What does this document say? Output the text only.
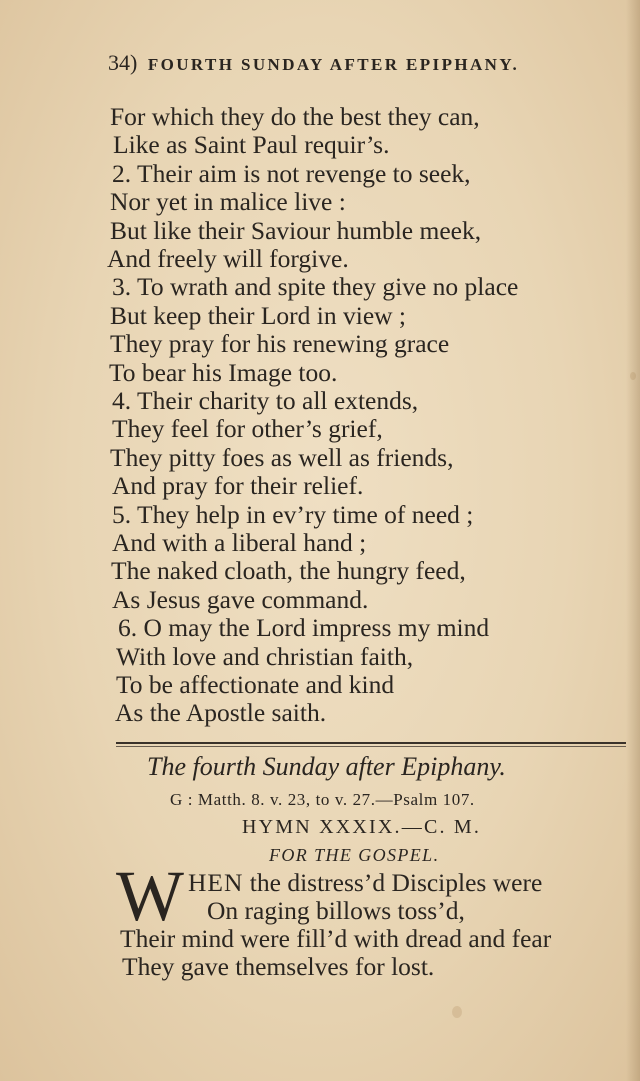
34) FOURTH SUNDAY AFTER EPIPHANY.
For which they do the best they can,
Like as Saint Paul requir’s.
2. Their aim is not revenge to seek,
Nor yet in malice live :
But like their Saviour humble meek,
And freely will forgive.
3. To wrath and spite they give no place
But keep their Lord in view ;
They pray for his renewing grace
To bear his Image too.
4. Their charity to all extends,
They feel for other’s grief,
They pitty foes as well as friends,
And pray for their relief.
5. They help in ev’ry time of need ;
And with a liberal hand ;
The naked cloath, the hungry feed,
As Jesus gave command.
6. O may the Lord impress my mind
With love and christian faith,
To be affectionate and kind
As the Apostle saith.
The fourth Sunday after Epiphany.
G : Matth. 8. v. 23, to v. 27.—Psalm 107.
HYMN XXXIX.—C. M.
FOR THE GOSPEL.
W HEN the distress’d Disciples were
On raging billows toss’d,
Their mind were fill’d with dread and fear
They gave themselves for lost.
